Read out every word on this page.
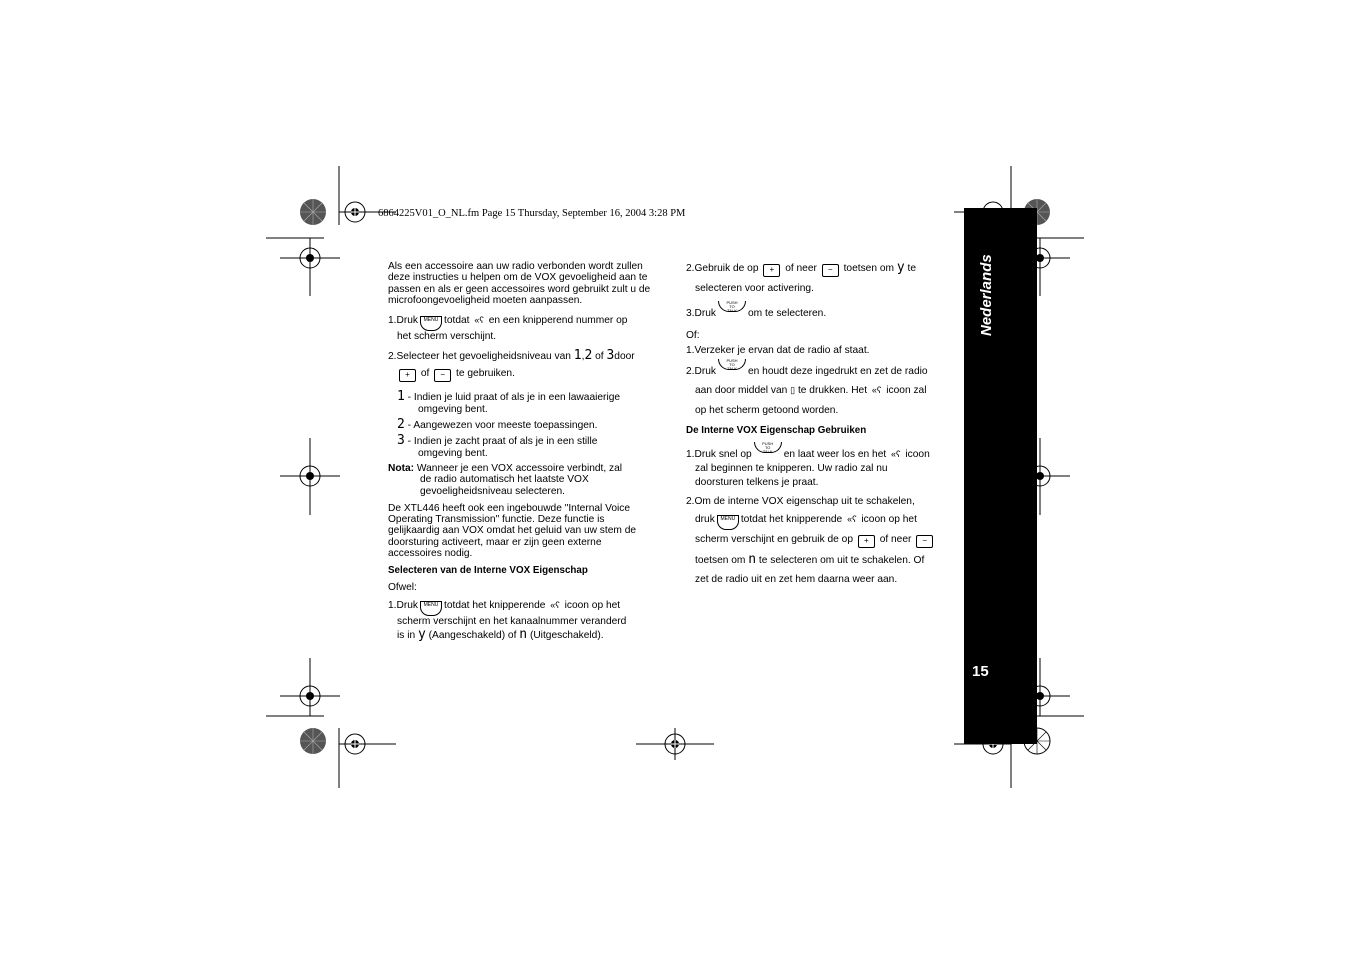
6864225V01_O_NL.fm Page 15 Thursday, September 16, 2004 3:28 PM
Nederlands
15

Als een accessoire aan uw radio verbonden wordt zullen deze instructies u helpen om de VOX gevoeligheid aan te passen en als er geen accessoires word gebruikt zult u de microfoongevoeligheid moeten aanpassen.

1.Druk MENU totdat «ʕ en een knipperend nummer op

het scherm verschijnt.

2.Selecteer het gevoeligheidsniveau van 1,2 of 3door

+ of − te gebruiken.

1 - Indien je luid praat of als je in een lawaaierige

omgeving bent.

2 - Aangewezen voor meeste toepassingen.

3 - Indien je zacht praat of als je in een stille

omgeving bent.

Nota: Wanneer je een VOX accessoire verbindt, zal

de radio automatisch het laatste VOX

gevoeligheidsniveau selecteren.

De XTL446 heeft ook een ingebouwde "Internal Voice

Operating Transmission" functie. Deze functie is

gelijkaardig aan VOX omdat het geluid van uw stem de

doorsturing activeert, maar er zijn geen externe

accessoires nodig.

Selecteren van de Interne VOX Eigenschap

Ofwel:

1.Druk MENU totdat het knipperende «ʕ icoon op het

scherm verschijnt en het kanaalnummer veranderd

is in y (Aangeschakeld) of n (Uitgeschakeld).

2.Gebruik de op + of neer − toetsen om y te

selecteren voor activering.

3.DrukPUSH
TO
TALK om te selecteren.

Of:

1.Verzeker je ervan dat de radio af staat.

2.DrukPUSH
TO
TALK en houdt deze ingedrukt en zet de radio

aan door middel van ▯ te drukken. Het «ʕ icoon zal

op het scherm getoond worden.

De Interne VOX Eigenschap Gebruiken

1.Druk snel opPUSH
TO
TALK en laat weer los en het «ʕ icoon

zal beginnen te knipperen. Uw radio zal nu

doorsturen telkens je praat.

2.Om de interne VOX eigenschap uit te schakelen,

druk MENU totdat het knipperende «ʕ icoon op het

scherm verschijnt en gebruik de op + of neer −

toetsen om n te selecteren om uit te schakelen. Of

zet de radio uit en zet hem daarna weer aan.
